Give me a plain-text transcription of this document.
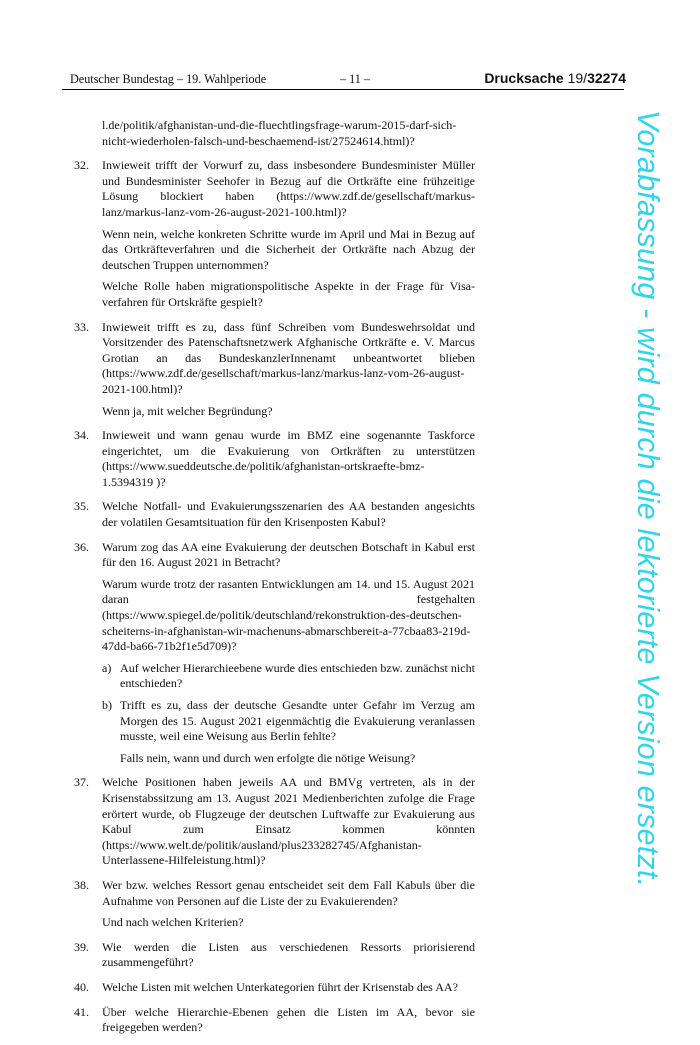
Deutscher Bundestag – 19. Wahlperiode	– 11 –	Drucksache 19/32274
l.de/politik/afghanistan-und-die-fluechtlingsfrage-warum-2015-darf-sich-nicht-wiederholen-falsch-und-beschaemend-ist/27524614.html)?
32. Inwieweit trifft der Vorwurf zu, dass insbesondere Bundesminister Müller und Bundesminister Seehofer in Bezug auf die Ortkräfte eine frühzeitige Lösung blockiert haben (https://www.zdf.de/gesellschaft/markus-lanz/markus-lanz-vom-26-august-2021-100.html)?

Wenn nein, welche konkreten Schritte wurde im April und Mai in Bezug auf das Ortkräfteverfahren und die Sicherheit der Ortkräfte nach Abzug der deutschen Truppen unternommen?

Welche Rolle haben migrationspolitische Aspekte in der Frage für Visa-verfahren für Ortskräfte gespielt?

33. Inwieweit trifft es zu, dass fünf Schreiben vom Bundeswehrsoldat und Vorsitzender des Patenschaftsnetzwerk Afghanische Ortkräfte e. V. Marcus Grotian an das BundeskanzlerInnenamt unbeantwortet blieben (https://www.zdf.de/gesellschaft/markus-lanz/markus-lanz-vom-26-august-2021-100.html)?

Wenn ja, mit welcher Begründung?

34. Inwieweit und wann genau wurde im BMZ eine sogenannte Taskforce eingerichtet, um die Evakuierung von Ortkräften zu unterstützen (https://www.sueddeutsche.de/politik/afghanistan-ortskraefte-bmz-1.5394319 )?

35. Welche Notfall- und Evakuierungsszenarien des AA bestanden angesichts der volatilen Gesamtsituation für den Krisenposten Kabul?

36. Warum zog das AA eine Evakuierung der deutschen Botschaft in Kabul erst für den 16. August 2021 in Betracht?

Warum wurde trotz der rasanten Entwicklungen am 14. und 15. August 2021 daran festgehalten (https://www.spiegel.de/politik/deutschland/rekonstruktion-des-deutschen-scheiterns-in-afghanistan-wir-machenuns-abmarschbereit-a-77cbaa83-219d-47dd-ba66-71b2f1e5d709)?

a) Auf welcher Hierarchieebene wurde dies entschieden bzw. zunächst nicht entschieden?

b) Trifft es zu, dass der deutsche Gesandte unter Gefahr im Verzug am Morgen des 15. August 2021 eigenmächtig die Evakuierung veranlassen musste, weil eine Weisung aus Berlin fehlte?

Falls nein, wann und durch wen erfolgte die nötige Weisung?

37. Welche Positionen haben jeweils AA und BMVg vertreten, als in der Krisenstabssitzung am 13. August 2021 Medienberichten zufolge die Frage erörtert wurde, ob Flugzeuge der deutschen Luftwaffe zur Evakuierung aus Kabul zum Einsatz kommen könnten (https://www.welt.de/politik/ausland/plus233282745/Afghanistan-Unterlassene-Hilfeleistung.html)?

38. Wer bzw. welches Ressort genau entscheidet seit dem Fall Kabuls über die Aufnahme von Personen auf die Liste der zu Evakuierenden?

Und nach welchen Kriterien?

39. Wie werden die Listen aus verschiedenen Ressorts priorisierend zusammengeführt?

40. Welche Listen mit welchen Unterkategorien führt der Krisenstab des AA?

41. Über welche Hierarchie-Ebenen gehen die Listen im AA, bevor sie freigegeben werden?

Vorabfassung - wird durch die lektorierte Version ersetzt.
